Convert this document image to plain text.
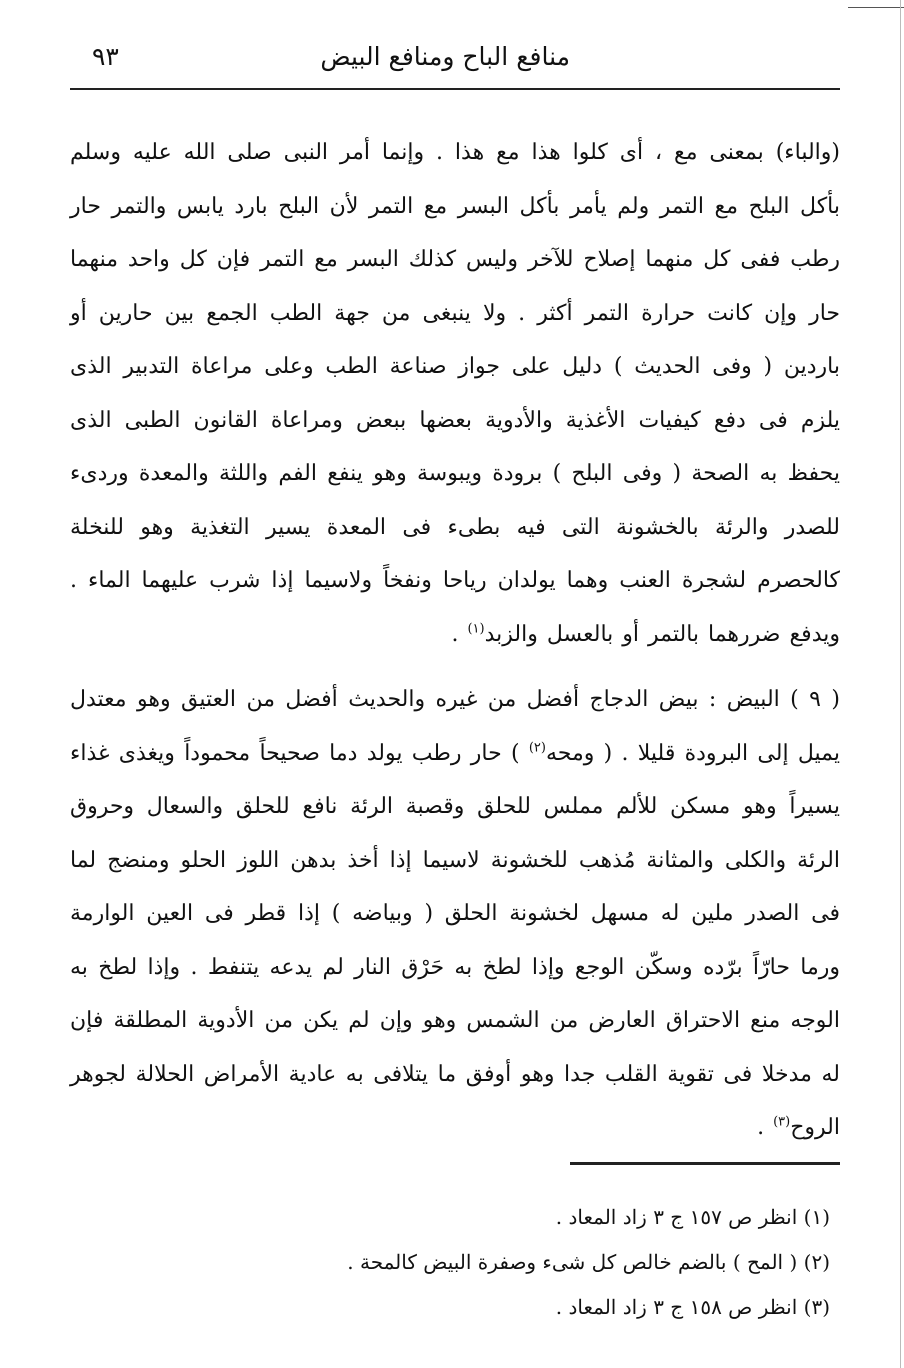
منافع الباح ومنافع البيض
٩٣

(والباء) بمعنى مع ، أى كلوا هذا مع هذا . وإنما أمر النبى صلى الله عليه وسلم بأكل البلح مع التمر ولم يأمر بأكل البسر مع التمر لأن البلح بارد يابس والتمر حار رطب ففى كل منهما إصلاح للآخر وليس كذلك البسر مع التمر فإن كل واحد منهما حار وإن كانت حرارة التمر أكثر . ولا ينبغى من جهة الطب الجمع بين حارين أو باردين ( وفى الحديث ) دليل على جواز صناعة الطب وعلى مراعاة التدبير الذى يلزم فى دفع كيفيات الأغذية والأدوية بعضها ببعض ومراعاة القانون الطبى الذى يحفظ به الصحة ( وفى البلح ) برودة ويبوسة وهو ينفع الفم واللثة والمعدة وردىء للصدر والرئة بالخشونة التى فيه بطىء فى المعدة يسير التغذية وهو للنخلة كالحصرم لشجرة العنب وهما يولدان رياحا ونفخاً ولاسيما إذا شرب عليهما الماء . ويدفع ضررهما بالتمر أو بالعسل والزبد$^{(١)}$ .

( ٩ ) البيض : بيض الدجاج أفضل من غيره والحديث أفضل من العتيق وهو معتدل يميل إلى البرودة قليلا . ( ومحه$^{(٢)}$ ) حار رطب يولد دما صحيحاً محموداً ويغذى غذاء يسيراً وهو مسكن للألم مملس للحلق وقصبة الرئة نافع للحلق والسعال وحروق الرئة والكلى والمثانة مُذهب للخشونة لاسيما إذا أخذ بدهن اللوز الحلو ومنضج لما فى الصدر ملين له مسهل لخشونة الحلق ( وبياضه ) إذا قطر فى العين الوارمة ورما حارّاً برّده وسكّن الوجع وإذا لطخ به حَرْق النار لم يدعه يتنفط . وإذا لطخ به الوجه منع الاحتراق العارض من الشمس وهو وإن لم يكن من الأدوية المطلقة فإن له مدخلا فى تقوية القلب جدا وهو أوفق ما يتلافى به عادية الأمراض الحلالة لجوهر الروح$^{(٣)}$ .

(١) انظر ص ١٥٧ ج ٣ زاد المعاد .

(٢) ( المح ) بالضم خالص كل شىء وصفرة البيض كالمحة .

(٣) انظر ص ١٥٨ ج ٣ زاد المعاد .
